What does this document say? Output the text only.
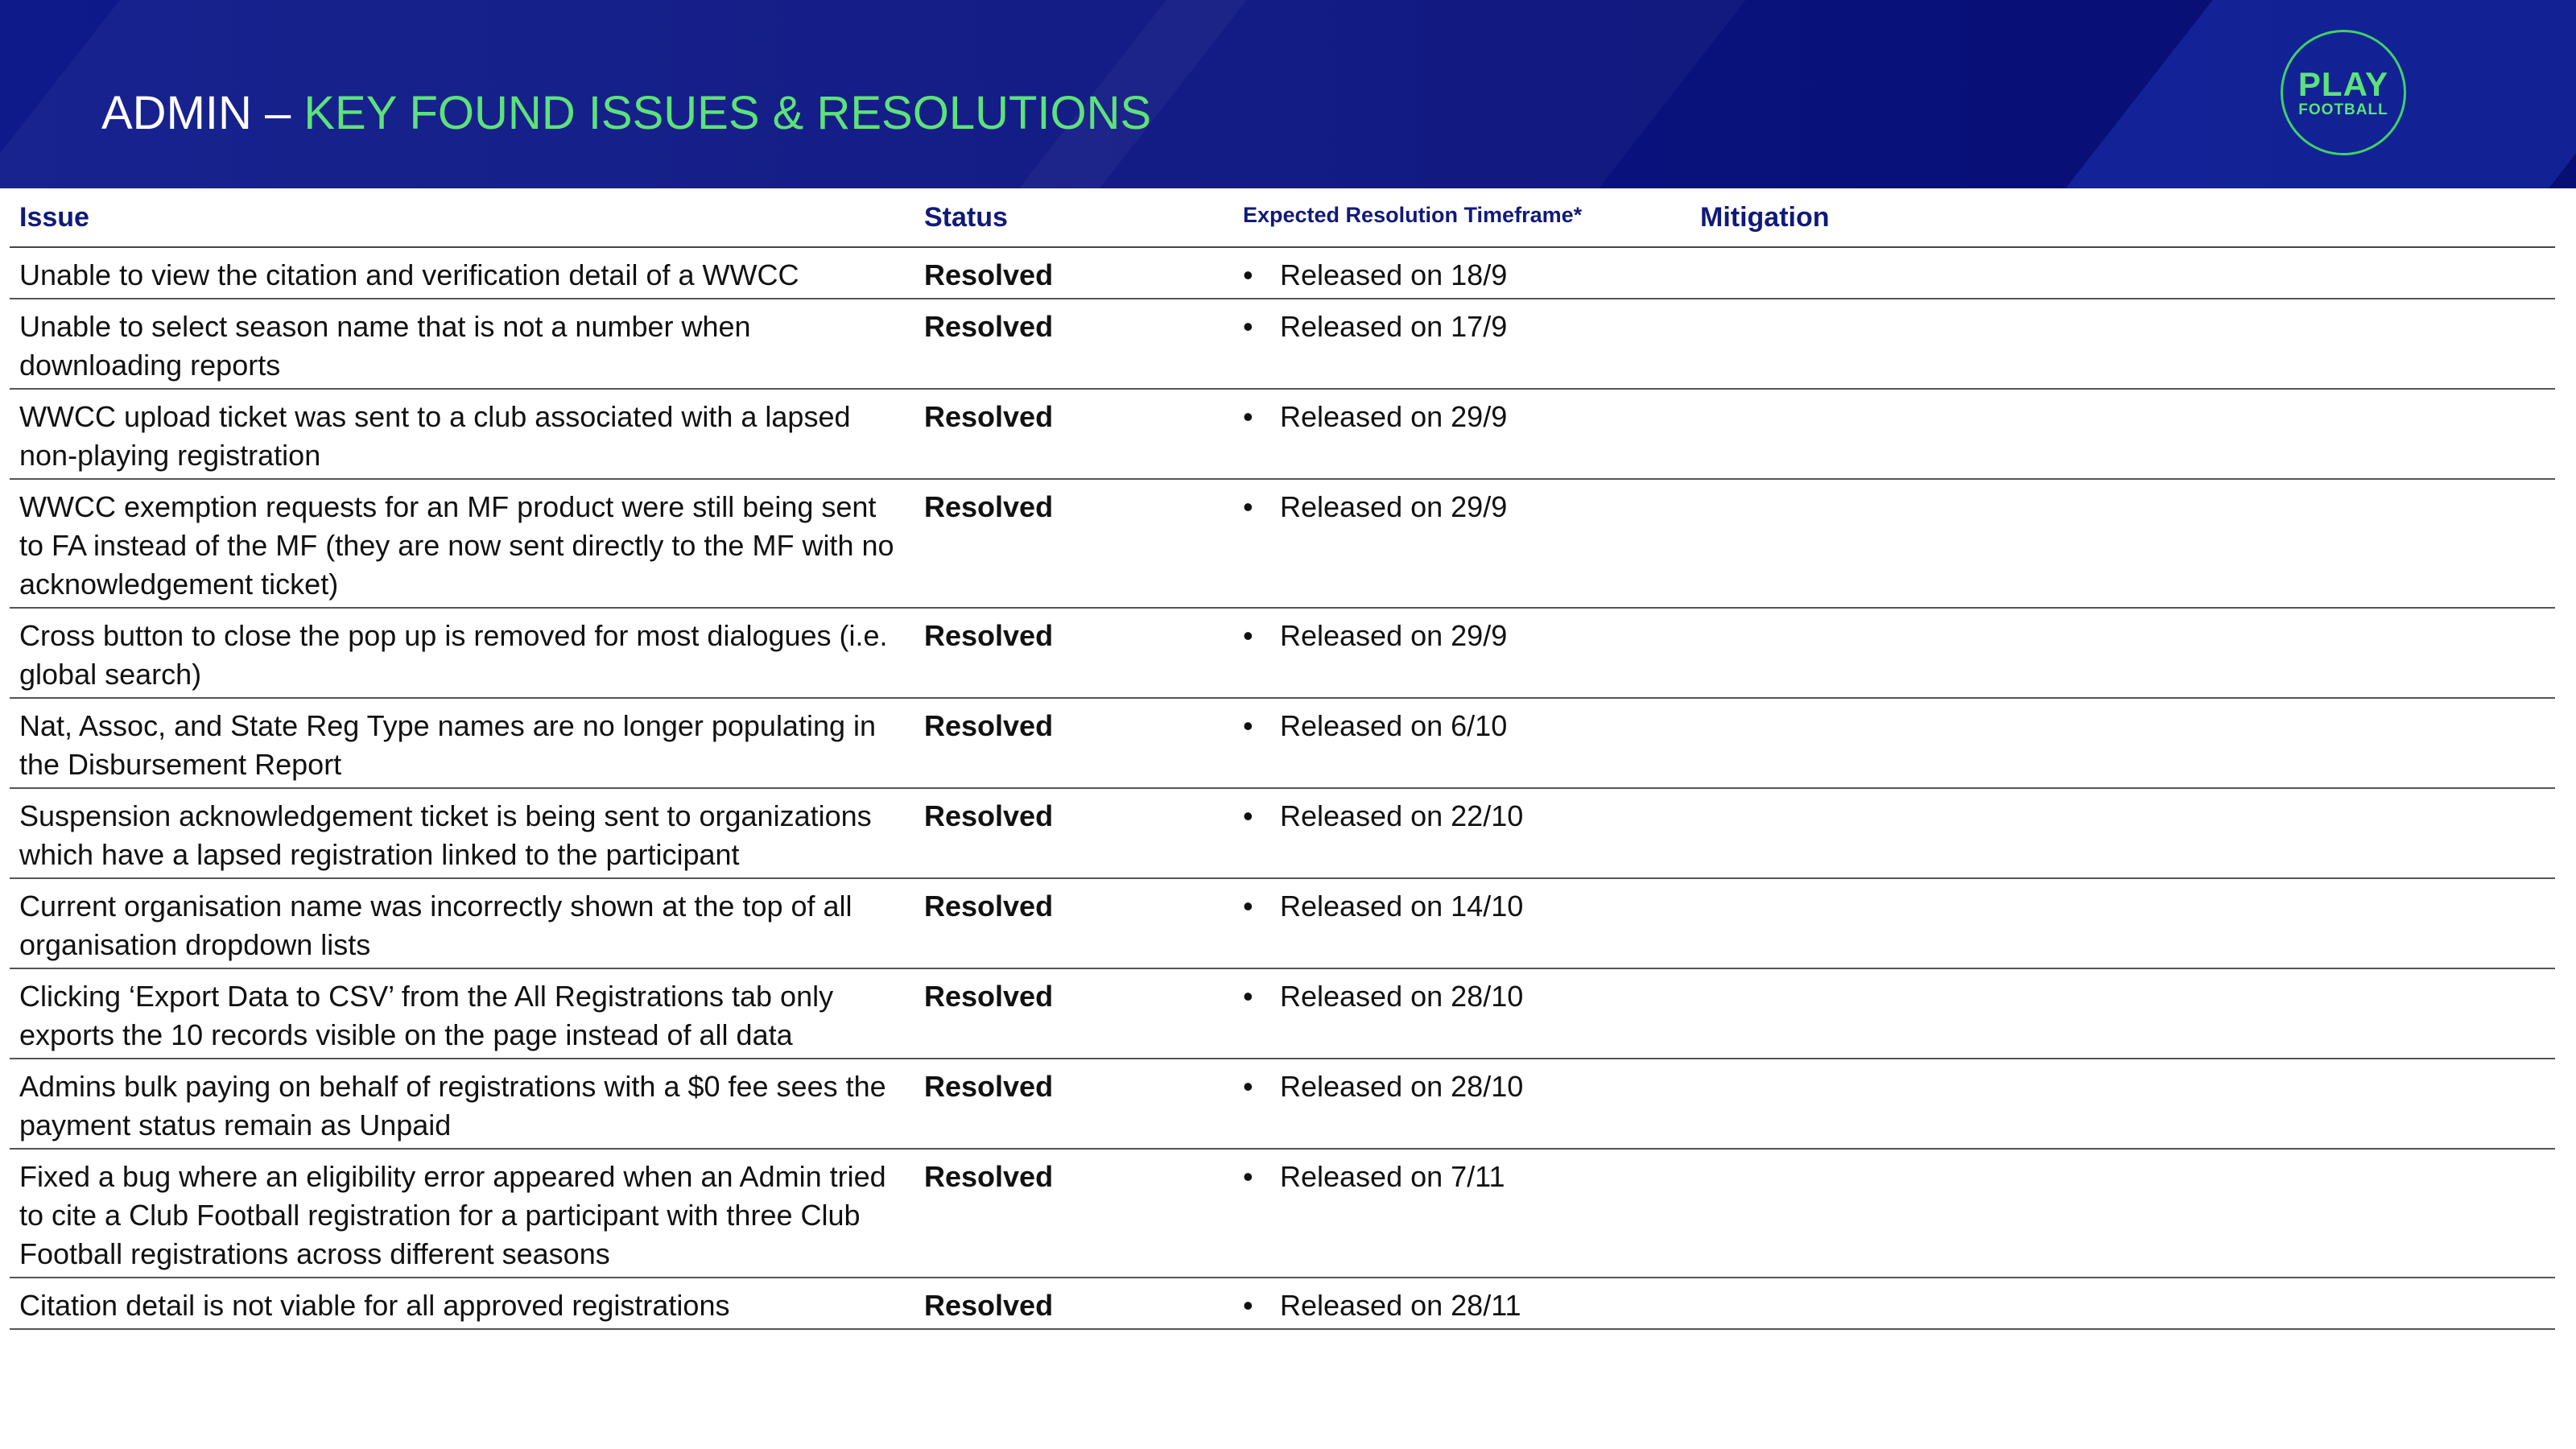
ADMIN – KEY FOUND ISSUES & RESOLUTIONS
PLAY
FOOTBALL
Issue	Status	Expected Resolution Timeframe*	Mitigation
Unable to view the citation and verification detail of a WWCC	Resolved	• Released on 18/9	
Unable to select season name that is not a number when downloading reports	Resolved	• Released on 17/9	
WWCC upload ticket was sent to a club associated with a lapsed non-playing registration	Resolved	• Released on 29/9	
WWCC exemption requests for an MF product were still being sent to FA instead of the MF (they are now sent directly to the MF with no acknowledgement ticket)	Resolved	• Released on 29/9	
Cross button to close the pop up is removed for most dialogues (i.e. global search)	Resolved	• Released on 29/9	
Nat, Assoc, and State Reg Type names are no longer populating in the Disbursement Report	Resolved	• Released on 6/10	
Suspension acknowledgement ticket is being sent to organizations which have a lapsed registration linked to the participant	Resolved	• Released on 22/10	
Current organisation name was incorrectly shown at the top of all organisation dropdown lists	Resolved	• Released on 14/10	
Clicking ‘Export Data to CSV’ from the All Registrations tab only exports the 10 records visible on the page instead of all data	Resolved	• Released on 28/10	
Admins bulk paying on behalf of registrations with a $0 fee sees the payment status remain as Unpaid	Resolved	• Released on 28/10	
Fixed a bug where an eligibility error appeared when an Admin tried to cite a Club Football registration for a participant with three Club Football registrations across different seasons	Resolved	• Released on 7/11	
Citation detail is not viable for all approved registrations	Resolved	• Released on 28/11	
